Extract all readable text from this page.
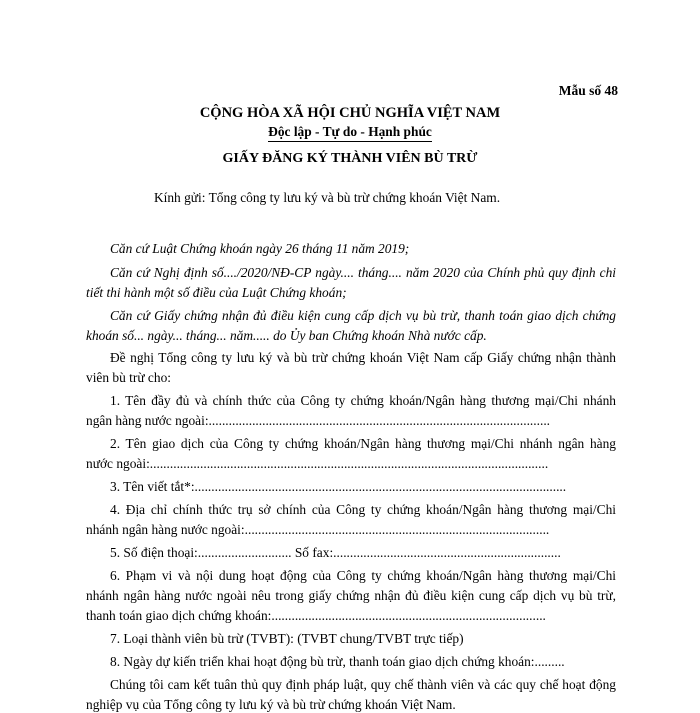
Mẫu số 48
CỘNG HÒA XÃ HỘI CHỦ NGHĨA VIỆT NAM
Độc lập - Tự do - Hạnh phúc
GIẤY ĐĂNG KÝ THÀNH VIÊN BÙ TRỪ
Kính gửi: Tổng công ty lưu ký và bù trừ chứng khoán Việt Nam.
Căn cứ Luật Chứng khoán ngày 26 tháng 11 năm 2019;
Căn cứ Nghị định số..../2020/NĐ-CP ngày.... tháng.... năm 2020 của Chính phủ quy định chi
tiết thi hành một số điều của Luật Chứng khoán;
Căn cứ Giấy chứng nhận đủ điều kiện cung cấp dịch vụ bù trừ, thanh toán giao dịch chứng
khoán số... ngày... tháng... năm..... do Ủy ban Chứng khoán Nhà nước cấp.
Đề nghị Tổng công ty lưu ký và bù trừ chứng khoán Việt Nam cấp Giấy chứng nhận thành
viên bù trừ cho:
1. Tên đầy đủ và chính thức của Công ty chứng khoán/Ngân hàng thương mại/Chi nhánh
ngân hàng nước ngoài:......................................................................................................
2. Tên giao dịch của Công ty chứng khoán/Ngân hàng thương mại/Chi nhánh ngân hàng
nước ngoài:.......................................................................................................................
3. Tên viết tắt*:...............................................................................................................
4. Địa chỉ chính thức trụ sở chính của Công ty chứng khoán/Ngân hàng thương mại/Chi
nhánh ngân hàng nước ngoài:...........................................................................................
5. Số điện thoại:............................ Số fax:....................................................................
6. Phạm vi và nội dung hoạt động của Công ty chứng khoán/Ngân hàng thương mại/Chi
nhánh ngân hàng nước ngoài nêu trong giấy chứng nhận đủ điều kiện cung cấp dịch vụ bù trừ,
thanh toán giao dịch chứng khoán:..................................................................................
7. Loại thành viên bù trừ (TVBT): (TVBT chung/TVBT trực tiếp)
8. Ngày dự kiến triển khai hoạt động bù trừ, thanh toán giao dịch chứng khoán:.........
Chúng tôi cam kết tuân thủ quy định pháp luật, quy chế thành viên và các quy chế hoạt động
nghiệp vụ của Tổng công ty lưu ký và bù trừ chứng khoán Việt Nam.
